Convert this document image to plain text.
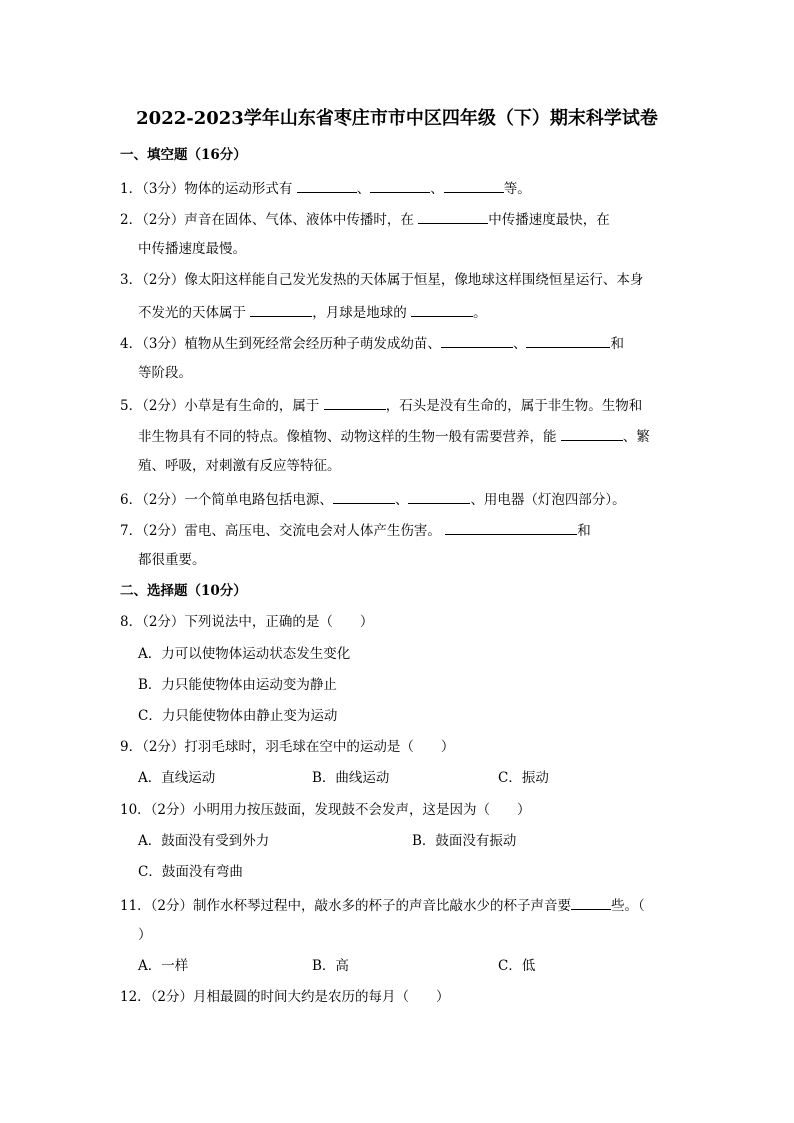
2022-2023学年山东省枣庄市市中区四年级（下）期末科学试卷
一、填空题（16分）
1．（3分）物体的运动形式有	、	、	等。
2．（2分）声音在固体、气体、液体中传播时，在	中传播速度最快，在
中传播速度最慢。
3．（2分）像太阳这样能自己发光发热的天体属于恒星，像地球这样围绕恒星运行、本身
不发光的天体属于	，月球是地球的	。
4．（3分）植物从生到死经常会经历种子萌发成幼苗、	、	和
等阶段。
5．（2分）小草是有生命的，属于	，石头是没有生命的，属于非生物。生物和
非生物具有不同的特点。像植物、动物这样的生物一般有需要营养，能	、繁
殖、呼吸，对刺激有反应等特征。
6．（2分）一个简单电路包括电源、	、	、用电器（灯泡四部分）。
7．（2分）雷电、高压电、交流电会对人体产生伤害。	和
都很重要。
二、选择题（10分）
8．（2分）下列说法中，正确的是（　　）
A．力可以使物体运动状态发生变化
B．力只能使物体由运动变为静止
C．力只能使物体由静止变为运动
9．（2分）打羽毛球时，羽毛球在空中的运动是（　　）
A．直线运动	B．曲线运动	C．振动
10．（2分）小明用力按压鼓面，发现鼓不会发声，这是因为（　　）
A．鼓面没有受到外力	B．鼓面没有振动
C．鼓面没有弯曲
11．（2分）制作水杯琴过程中，敲水多的杯子的声音比敲水少的杯子声音要	些。（
）
A．一样	B．高	C．低
12．（2分）月相最圆的时间大约是农历的每月（　　）
